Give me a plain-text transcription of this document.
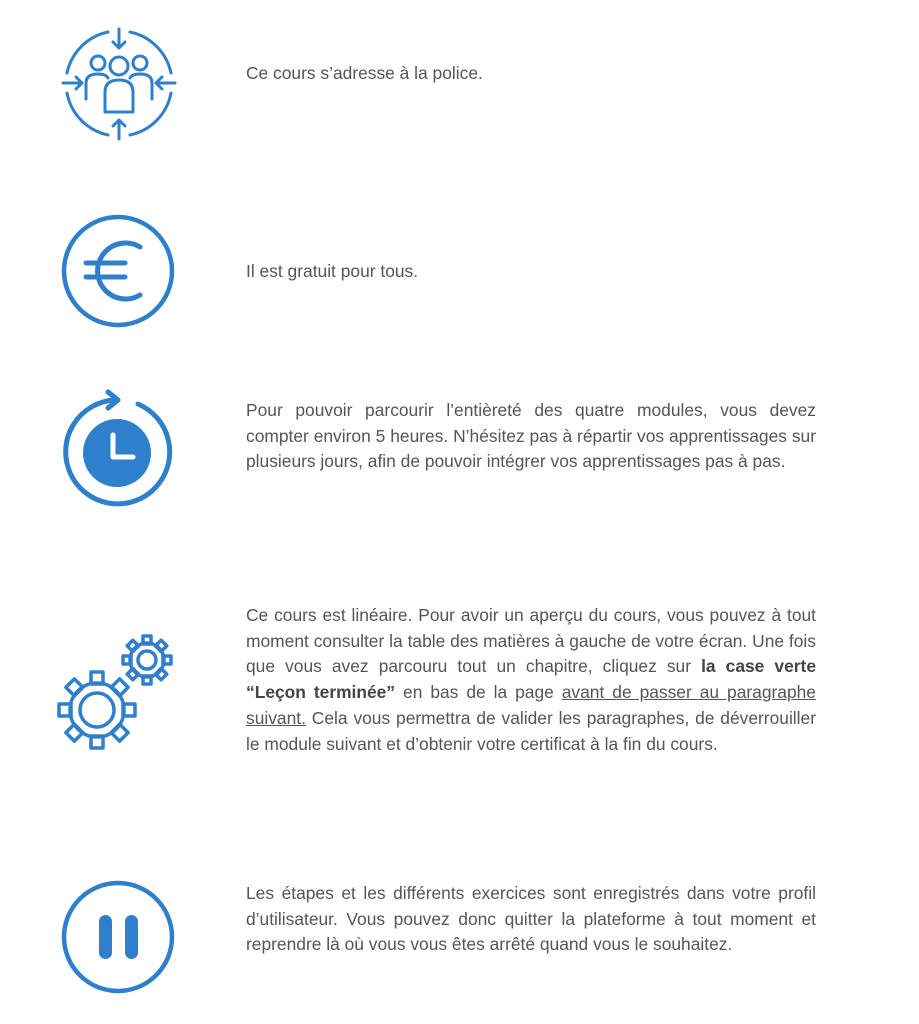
Ce cours s’adresse à la police.

Il est gratuit pour tous.

Pour pouvoir parcourir l’entièreté des quatre modules, vous devez compter environ 5 heures. N’hésitez pas à répartir vos apprentissages sur plusieurs jours, afin de pouvoir intégrer vos apprentissages pas à pas.

Ce cours est linéaire. Pour avoir un aperçu du cours, vous pouvez à tout moment consulter la table des matières à gauche de votre écran. Une fois que vous avez parcouru tout un chapitre, cliquez sur la case verte “Leçon terminée” en bas de la page avant de passer au paragraphe suivant. Cela vous permettra de valider les paragraphes, de déverrouiller le module suivant et d’obtenir votre certificat à la fin du cours.

Les étapes et les différents exercices sont enregistrés dans votre profil d’utilisateur. Vous pouvez donc quitter la plateforme à tout moment et reprendre là où vous vous êtes arrêté quand vous le souhaitez.
